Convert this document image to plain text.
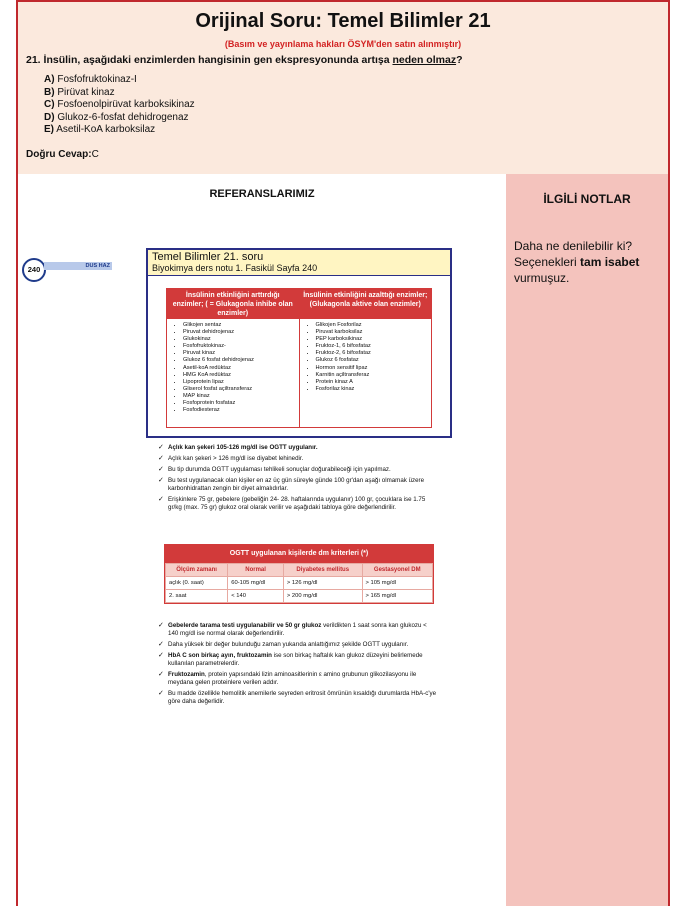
Orijinal Soru: Temel Bilimler 21
(Basım ve yayınlama hakları ÖSYM'den satın alınmıştır)
21. İnsülin, aşağıdaki enzimlerden hangisinin gen ekspresyonunda artışa neden olmaz?
A) Fosfofruktokinaz-I
B) Pirüvat kinaz
C) Fosfoenolpirüvat karboksikinaz
D) Glukoz-6-fosfat dehidrogenaz
E) Asetil-KoA karboksilaz
Doğru Cevap:C
REFERANSLARIMIZ
240	DUS HAZ
Temel Bilimler 21. soru
Biyokimya ders notu 1. Fasikül Sayfa 240
İnsülinin etkinliğini arttırdığı enzimler; ( = Glukagonla inhibe olan enzimler)
• Glikojen sentaz
• Piruvat dehidrojenaz
• Glukokinaz
• Fosfofruktokinaz-
• Piruvat kinaz
• Glukoz 6 fosfat dehidrojenaz
• Asetil-koA redüktaz
• HMG KoA redüktaz
• Lipoprotein lipaz
• Gliserol fosfat açiltransferaz
• MAP kinaz
• Fosfoprotein fosfataz
• Fosfodiesteraz
İnsülinin etkinliğini azalttığı enzimler; (Glukagonla aktive olan enzimler)
• Glikojen Fosforilaz
• Piruvat karboksilaz
• PEP karboksikinaz
• Fruktoz-1, 6 bifosfataz
• Fruktoz-2, 6 bifosfataz
• Glukoz 6 fosfataz
• Hormon sensitif lipaz
• Karnitin açiltransferaz
• Protein kinaz A
• Fosforilaz kinaz
✓ Açlık kan şekeri 105-126 mg/dl ise OGTT uygulanır.
✓ Açlık kan şekeri > 126 mg/dl ise diyabet lehinedir.
✓ Bu tip durumda OGTT uygulaması tehlikeli sonuçlar doğurabileceği için yapılmaz.
✓ Bu test uygulanacak olan kişiler en az üç gün süreyle günde 100 gr'dan aşağı olmamak üzere karbonhidrattan zengin bir diyet almalıdırlar.
✓ Erişkinlere 75 gr, gebelere (gebeliğin 24- 28. haftalarında uygulanır) 100 gr, çocuklara ise 1.75 gr/kg (max. 75 gr) glukoz oral olarak verilir ve aşağıdaki tabloya göre değerlendirilir.
OGTT uygulanan kişilerde dm kriterleri (*)
Ölçüm zamanı	Normal	Diyabetes mellitus	Gestasyonel DM
açlık (0. saat)	60-105 mg/dl	> 126 mg/dl	> 105 mg/dl
2. saat	< 140	> 200 mg/dl	> 165 mg/dl
✓ Gebelerde tarama testi uygulanabilir ve 50 gr glukoz verildikten 1 saat sonra kan glukozu < 140 mg/dl ise normal olarak değerlendirilir.
✓ Daha yüksek bir değer bulunduğu zaman yukarıda anlattığımız şekilde OGTT uygulanır.
✓ HbA C son birkaç ayın, fruktozamin ise son birkaç haftalık kan glukoz düzeyini belirlemede kullanılan parametrelerdir.
✓ Fruktozamin, protein yapısındaki lizin aminoasitlerinin ε amino grubunun glikozilasyonu ile meydana gelen proteinlere verilen addır.
✓ Bu madde özellikle hemolitik anemilerle seyreden eritrosit ömrünün kısaldığı durumlarda HbA-c'ye göre daha değerlidir.
İLGİLİ NOTLAR
Daha ne denilebilir ki? Seçenekleri tam isabet vurmuşuz.
